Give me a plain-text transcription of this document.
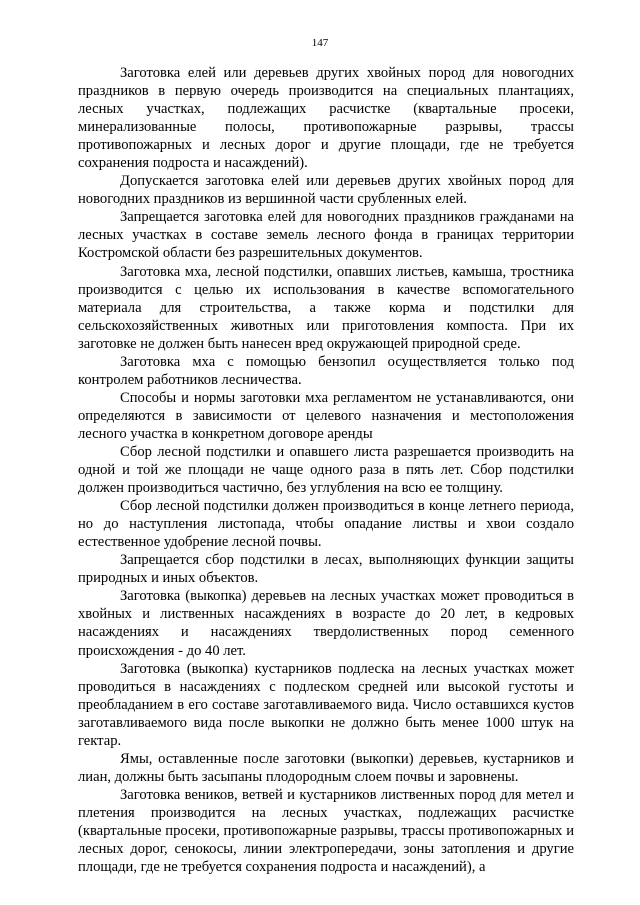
147

Заготовка елей или деревьев других хвойных пород для новогодних праздников в первую очередь производится на специальных плантациях, лесных участках, подлежащих расчистке (квартальные просеки, минерализованные полосы, противопожарные разрывы, трассы противопожарных и лесных дорог и другие площади, где не требуется сохранения подроста и насаждений).

Допускается заготовка елей или деревьев других хвойных пород для новогодних праздников из вершинной части срубленных елей.

Запрещается заготовка елей для новогодних праздников гражданами на лесных участках в составе земель лесного фонда в границах территории Костромской области без разрешительных документов.

Заготовка мха, лесной подстилки, опавших листьев, камыша, тростника производится с целью их использования в качестве вспомогательного материала для строительства, а также корма и подстилки для сельскохозяйственных животных или приготовления компоста. При их заготовке не должен быть нанесен вред окружающей природной среде.

Заготовка мха с помощью бензопил осуществляется только под контролем работников лесничества.

Способы и нормы заготовки мха регламентом не устанавливаются, они определяются в зависимости от целевого назначения и местоположения лесного участка в конкретном договоре аренды

Сбор лесной подстилки и опавшего листа разрешается производить на одной и той же площади не чаще одного раза в пять лет. Сбор подстилки должен производиться частично, без углубления на всю ее толщину.

Сбор лесной подстилки должен производиться в конце летнего периода, но до наступления листопада, чтобы опадание листвы и хвои создало естественное удобрение лесной почвы.

Запрещается сбор подстилки в лесах, выполняющих функции защиты природных и иных объектов.

Заготовка (выкопка) деревьев на лесных участках может проводиться в хвойных и лиственных насаждениях в возрасте до 20 лет, в кедровых насаждениях и насаждениях твердолиственных пород семенного происхождения - до 40 лет.

Заготовка (выкопка) кустарников подлеска на лесных участках может проводиться в насаждениях с подлеском средней или высокой густоты и преобладанием в его составе заготавливаемого вида. Число оставшихся кустов заготавливаемого вида после выкопки не должно быть менее 1000 штук на гектар.

Ямы, оставленные после заготовки (выкопки) деревьев, кустарников и лиан, должны быть засыпаны плодородным слоем почвы и заровнены.

Заготовка веников, ветвей и кустарников лиственных пород для метел и плетения производится на лесных участках, подлежащих расчистке (квартальные просеки, противопожарные разрывы, трассы противопожарных и лесных дорог, сенокосы, линии электропередачи, зоны затопления и другие площади, где не требуется сохранения подроста и насаждений), а
